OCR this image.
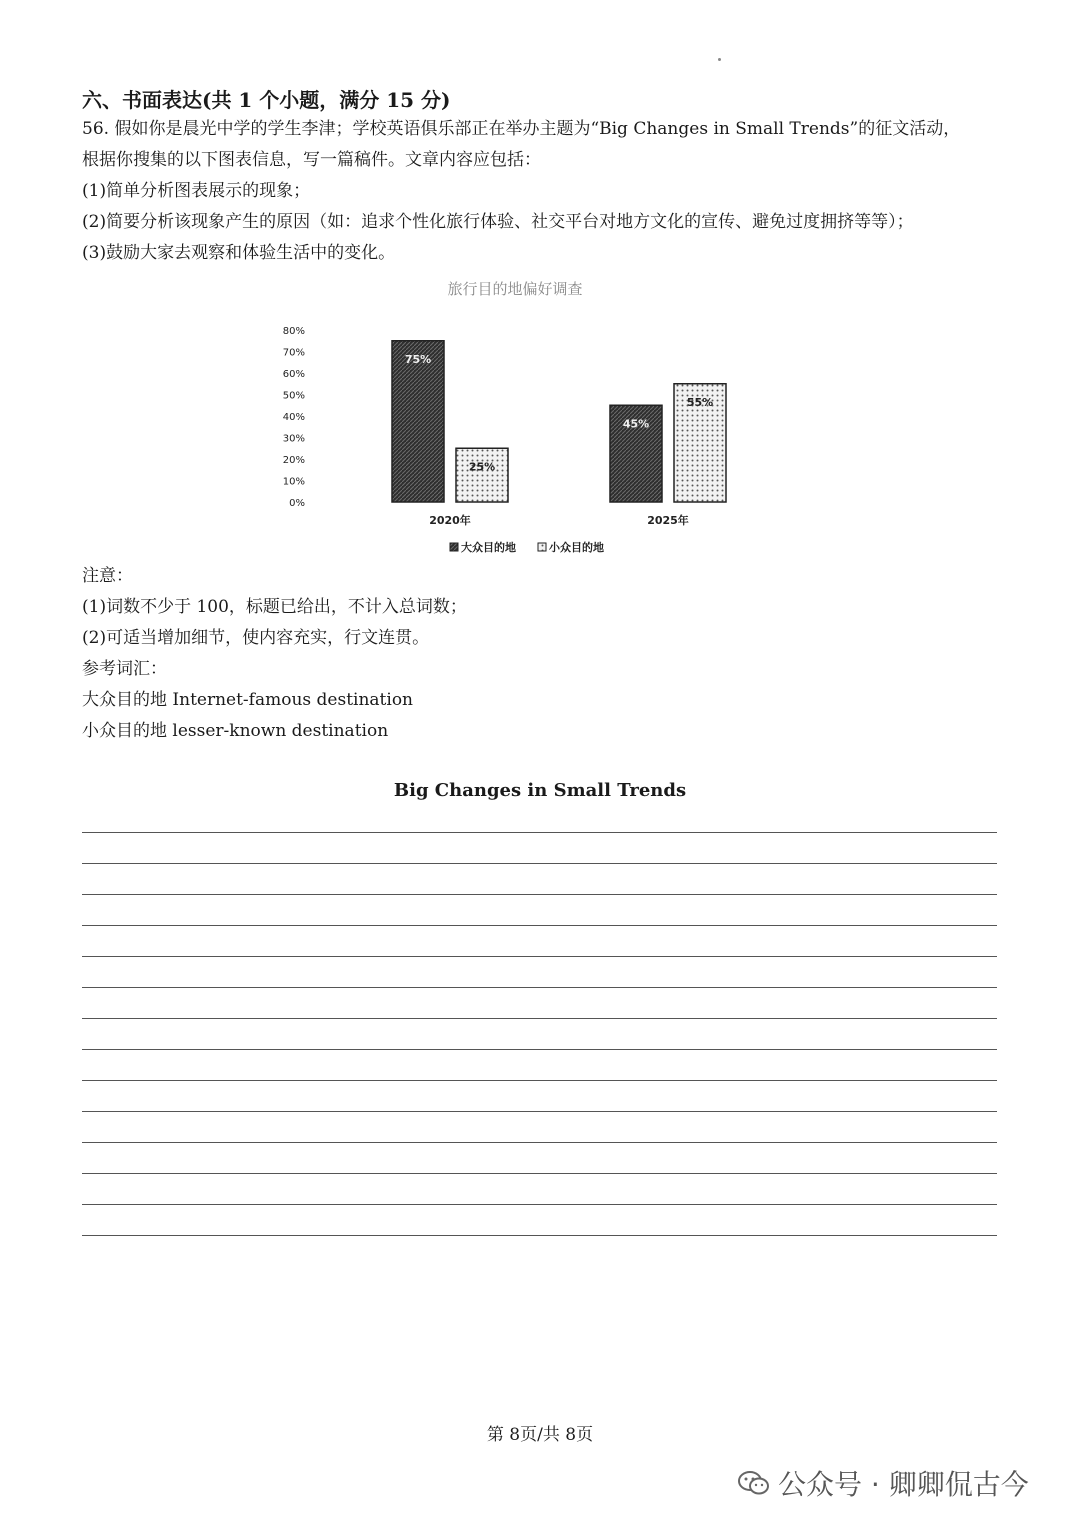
六、书面表达(共 1 个小题，满分 15 分)
56. 假如你是晨光中学的学生李津；学校英语俱乐部正在举办主题为“Big Changes in Small Trends”的征文活动，
根据你搜集的以下图表信息，写一篇稿件。文章内容应包括：
(1)简单分析图表展示的现象；
(2)简要分析该现象产生的原因（如：追求个性化旅行体验、社交平台对地方文化的宣传、避免过度拥挤等等）；
(3)鼓励大家去观察和体验生活中的变化。
旅行目的地偏好调查
0%
10%
20%
30%
40%
50%
60%
70%
80%
75%
45%
25%
55%
2020年	2025年
大众目的地	小众目的地
注意：
(1)词数不少于 100，标题已给出，不计入总词数；
(2)可适当增加细节，使内容充实，行文连贯。
参考词汇：
大众目的地 Internet-famous destination
小众目的地 lesser-known destination
Big Changes in Small Trends
第 8页/共 8页
公众号 · 卿卿侃古今
